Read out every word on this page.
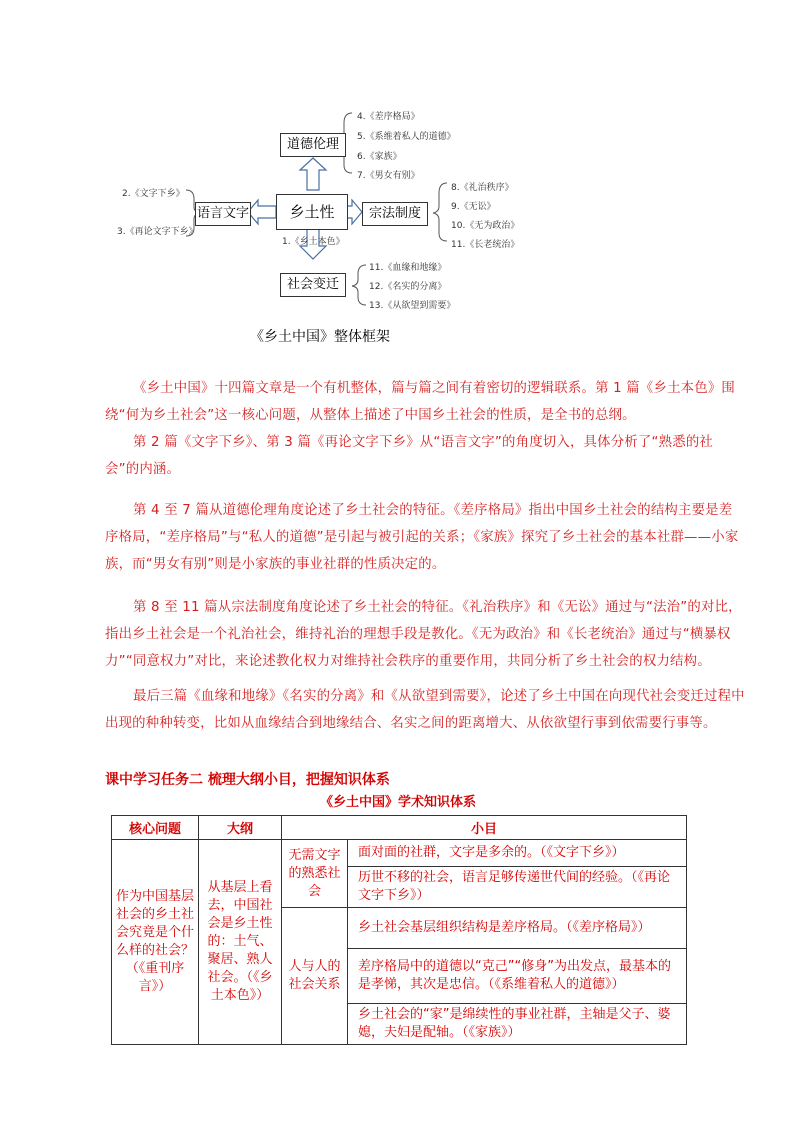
道德伦理
乡土性
语言文字	宗法制度
社会变迁
1.《乡土本色》
4.《差序格局》
5.《系维着私人的道德》
6.《家族》
7.《男女有别》
2.《文字下乡》
3.《再论文字下乡》
8.《礼治秩序》
9.《无讼》
10.《无为政治》
11.《长老统治》
11.《血缘和地缘》
12.《名实的分离》
13.《从欲望到需要》
《乡土中国》整体框架

《乡土中国》十四篇文章是一个有机整体，篇与篇之间有着密切的逻辑联系。第 1 篇《乡土本色》围绕“何为乡土社会”这一核心问题，从整体上描述了中国乡土社会的性质，是全书的总纲。

第 2 篇《文字下乡》、第 3 篇《再论文字下乡》从“语言文字”的角度切入，具体分析了“熟悉的社会”的内涵。

第 4 至 7 篇从道德伦理角度论述了乡土社会的特征。《差序格局》指出中国乡土社会的结构主要是差序格局，“差序格局”与“私人的道德”是引起与被引起的关系；《家族》探究了乡土社会的基本社群——小家族，而“男女有别”则是小家族的事业社群的性质决定的。

第 8 至 11 篇从宗法制度角度论述了乡土社会的特征。《礼治秩序》和《无讼》通过与“法治”的对比，指出乡土社会是一个礼治社会，维持礼治的理想手段是教化。《无为政治》和《长老统治》通过与“横暴权力”“同意权力”对比，来论述教化权力对维持社会秩序的重要作用，共同分析了乡土社会的权力结构。

最后三篇《血缘和地缘》《名实的分离》和《从欲望到需要》，论述了乡土中国在向现代社会变迁过程中出现的种种转变，比如从血缘结合到地缘结合、名实之间的距离增大、从依欲望行事到依需要行事等。

课中学习任务二 梳理大纲小目，把握知识体系
《乡土中国》学术知识体系
核心问题	大纲	小目	
作为中国基层社会的乡土社会究竟是个什么样的社会？（《重刊序言》）	从基层上看去，中国社会是乡土性的：土气、聚居、熟人社会。（《乡土本色》）	无需文字的熟悉社会	面对面的社群，文字是多余的。（《文字下乡》）
			历世不移的社会，语言足够传递世代间的经验。（《再论文字下乡》）
		人与人的社会关系	乡土社会基层组织结构是差序格局。（《差序格局》）
			差序格局中的道德以“克己”“修身”为出发点，最基本的是孝悌，其次是忠信。（《系维着私人的道德》）
			乡土社会的“家”是绵续性的事业社群，主轴是父子、婆媳，夫妇是配轴。（《家族》）
